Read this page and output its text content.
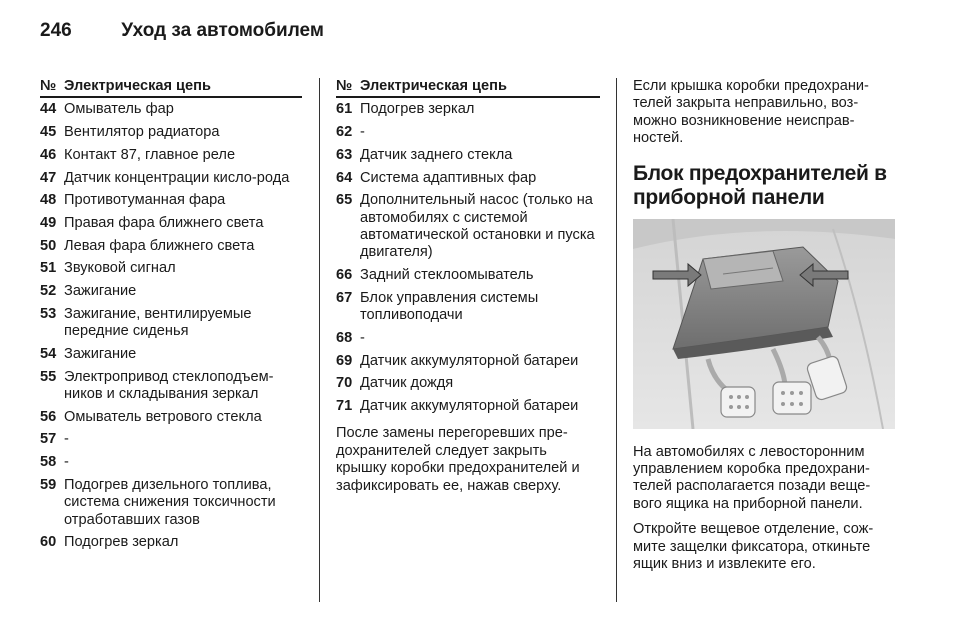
246	Уход за автомобилем
№ Электрическая цепь
44 Омыватель фар
45 Вентилятор радиатора
46 Контакт 87, главное реле
47 Датчик концентрации кисло-рода
48 Противотуманная фара
49 Правая фара ближнего света
50 Левая фара ближнего света
51 Звуковой сигнал
52 Зажигание
53 Зажигание, вентилируемые передние сиденья
54 Зажигание
55 Электропривод стеклоподъем-ников и складывания зеркал
56 Омыватель ветрового стекла
57 -
58 -
59 Подогрев дизельного топлива, система снижения токсичности отработавших газов
60 Подогрев зеркал
№ Электрическая цепь
61 Подогрев зеркал
62 -
63 Датчик заднего стекла
64 Система адаптивных фар
65 Дополнительный насос (только на автомобилях с системой автоматической остановки и пуска двигателя)
66 Задний стеклоомыватель
67 Блок управления системы топливоподачи
68 -
69 Датчик аккумуляторной батареи
70 Датчик дождя
71 Датчик аккумуляторной батареи

После замены перегоревших пре-дохранителей следует закрыть крышку коробки предохранителей и зафиксировать ее, нажав сверху.

Если крышка коробки предохрани-телей закрыта неправильно, воз-можно возникновение неисправ-ностей.

Блок предохранителей в приборной панели

На автомобилях с левосторонним управлением коробка предохрани-телей располагается позади веще-вого ящика на приборной панели.

Откройте вещевое отделение, сож-мите защелки фиксатора, откиньте ящик вниз и извлеките его.
